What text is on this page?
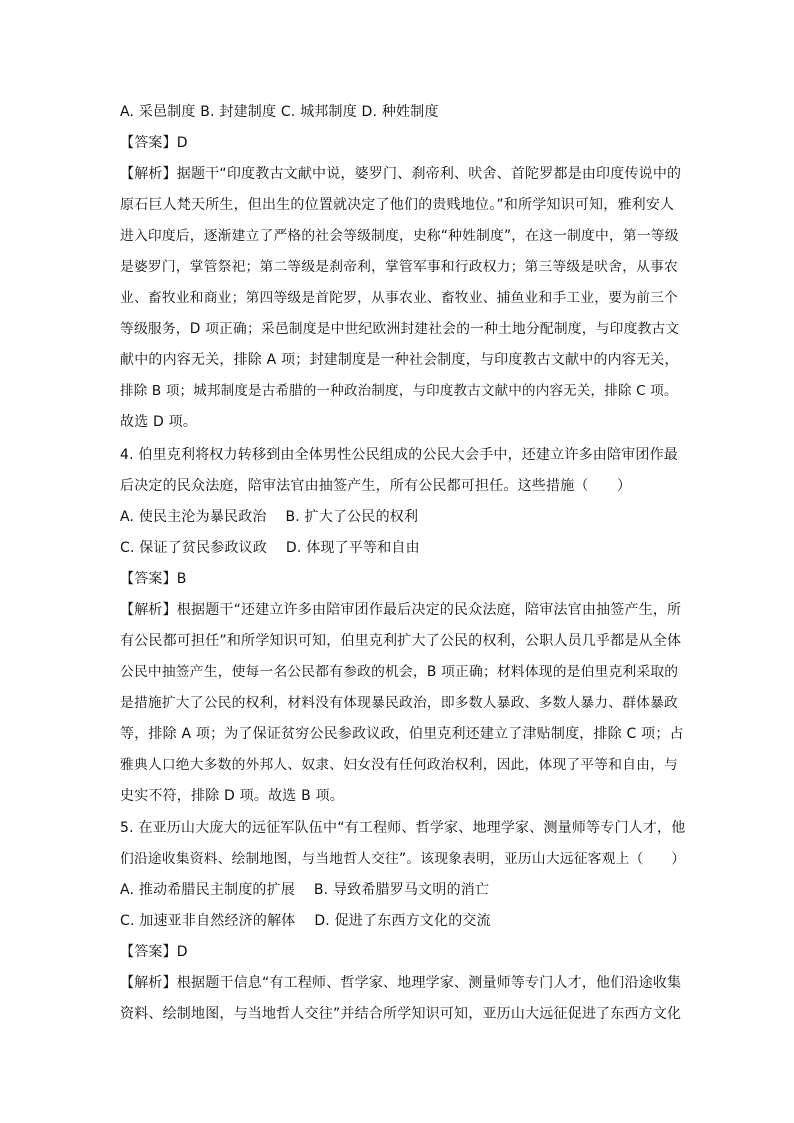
A. 采邑制度 B. 封建制度 C. 城邦制度 D. 种姓制度
【答案】D
【解析】据题干“印度教古文献中说，婆罗门、刹帝利、吠舍、首陀罗都是由印度传说中的
原石巨人梵天所生，但出生的位置就决定了他们的贵贱地位。”和所学知识可知，雅利安人
进入印度后，逐渐建立了严格的社会等级制度，史称“种姓制度”，在这一制度中，第一等级
是婆罗门，掌管祭祀；第二等级是刹帝利，掌管军事和行政权力；第三等级是吠舍，从事农
业、畜牧业和商业；第四等级是首陀罗，从事农业、畜牧业、捕鱼业和手工业，要为前三个
等级服务，D 项正确；采邑制度是中世纪欧洲封建社会的一种土地分配制度，与印度教古文
献中的内容无关，排除 A 项；封建制度是一种社会制度，与印度教古文献中的内容无关，
排除 B 项；城邦制度是古希腊的一种政治制度，与印度教古文献中的内容无关，排除 C 项。
故选 D 项。
4. 伯里克利将权力转移到由全体男性公民组成的公民大会手中，还建立许多由陪审团作最
后决定的民众法庭，陪审法官由抽签产生，所有公民都可担任。这些措施（　　）
A. 使民主沦为暴民政治　 B. 扩大了公民的权利
C. 保证了贫民参政议政　 D. 体现了平等和自由
【答案】B
【解析】根据题干“还建立许多由陪审团作最后决定的民众法庭，陪审法官由抽签产生，所
有公民都可担任”和所学知识可知，伯里克利扩大了公民的权利，公职人员几乎都是从全体
公民中抽签产生，使每一名公民都有参政的机会，B 项正确；材料体现的是伯里克利采取的
是措施扩大了公民的权利，材料没有体现暴民政治，即多数人暴政、多数人暴力、群体暴政
等，排除 A 项；为了保证贫穷公民参政议政，伯里克利还建立了津贴制度，排除 C 项；占
雅典人口绝大多数的外邦人、奴隶、妇女没有任何政治权利，因此，体现了平等和自由，与
史实不符，排除 D 项。故选 B 项。
5. 在亚历山大庞大的远征军队伍中“有工程师、哲学家、地理学家、测量师等专门人才，他
们沿途收集资料、绘制地图，与当地哲人交往”。该现象表明，亚历山大远征客观上（　　）
A. 推动希腊民主制度的扩展　 B. 导致希腊罗马文明的消亡
C. 加速亚非自然经济的解体　 D. 促进了东西方文化的交流
【答案】D
【解析】根据题干信息“有工程师、哲学家、地理学家、测量师等专门人才，他们沿途收集
资料、绘制地图，与当地哲人交往”并结合所学知识可知，亚历山大远征促进了东西方文化
